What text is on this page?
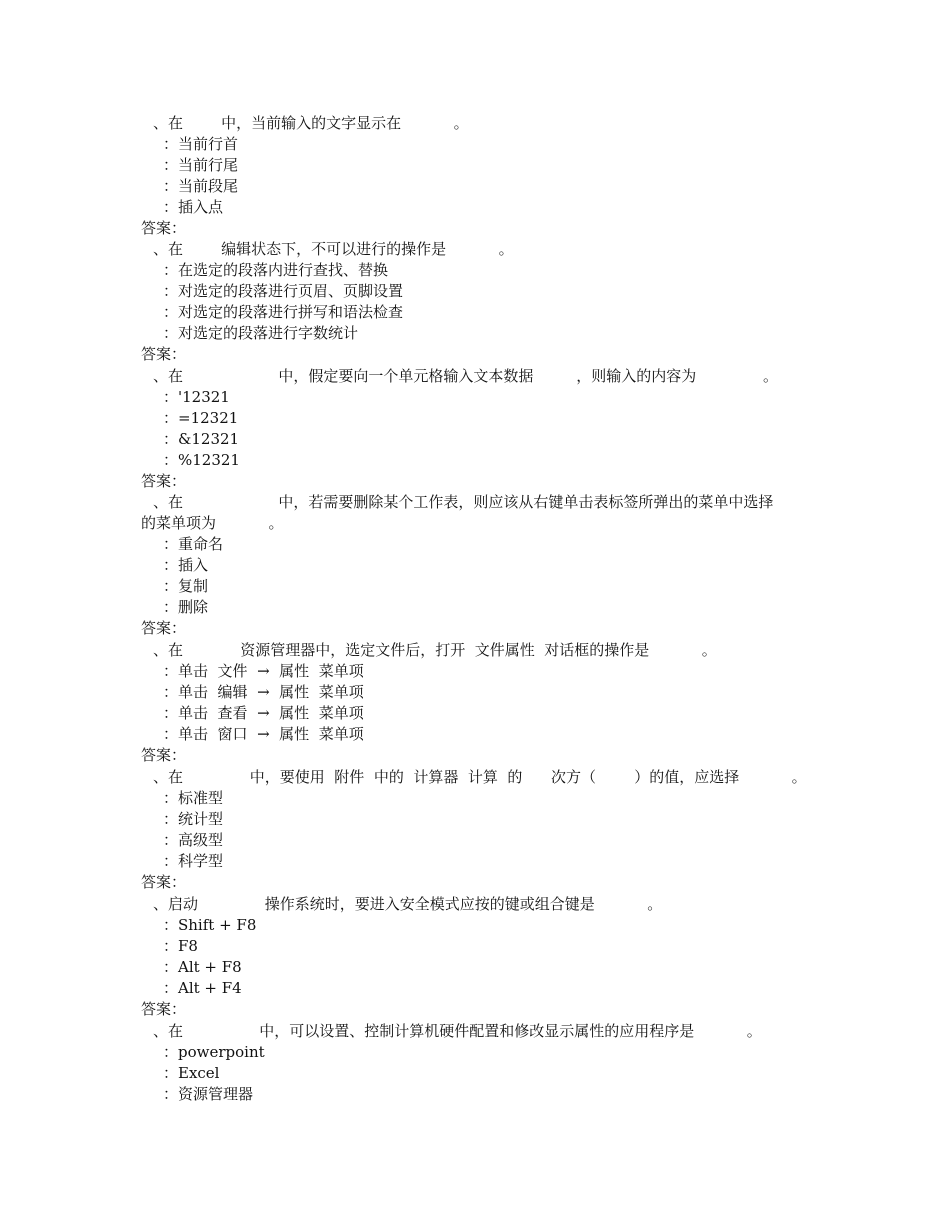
、在        中，当前输入的文字显示在           。
：当前行首
：当前行尾
：当前段尾
：插入点
答案：
、在        编辑状态下，不可以进行的操作是           。
：在选定的段落内进行查找、替换
：对选定的段落进行页眉、页脚设置
：对选定的段落进行拼写和语法检查
：对选定的段落进行字数统计
答案：
、在                    中，假定要向一个单元格输入文本数据         ，则输入的内容为              。
：'12321
：=12321
：&12321
：%12321
答案：
、在                    中，若需要删除某个工作表，则应该从右键单击表标签所弹出的菜单中选择
的菜单项为           。
：重命名
：插入
：复制
：删除
答案：
、在            资源管理器中，选定文件后，打开  文件属性  对话框的操作是           。
：单击  文件  →  属性  菜单项
：单击  编辑  →  属性  菜单项
：单击  查看  →  属性  菜单项
：单击  窗口  →  属性  菜单项
答案：
、在              中，要使用  附件  中的  计算器  计算  的      次方（        ）的值，应选择           。
：标准型
：统计型
：高级型
：科学型
答案：
、启动              操作系统时，要进入安全模式应按的键或组合键是           。
：Shift + F8
：F8
：Alt + F8
：Alt + F4
答案：
、在                中，可以设置、控制计算机硬件配置和修改显示属性的应用程序是           。
：powerpoint
：Excel
：资源管理器
